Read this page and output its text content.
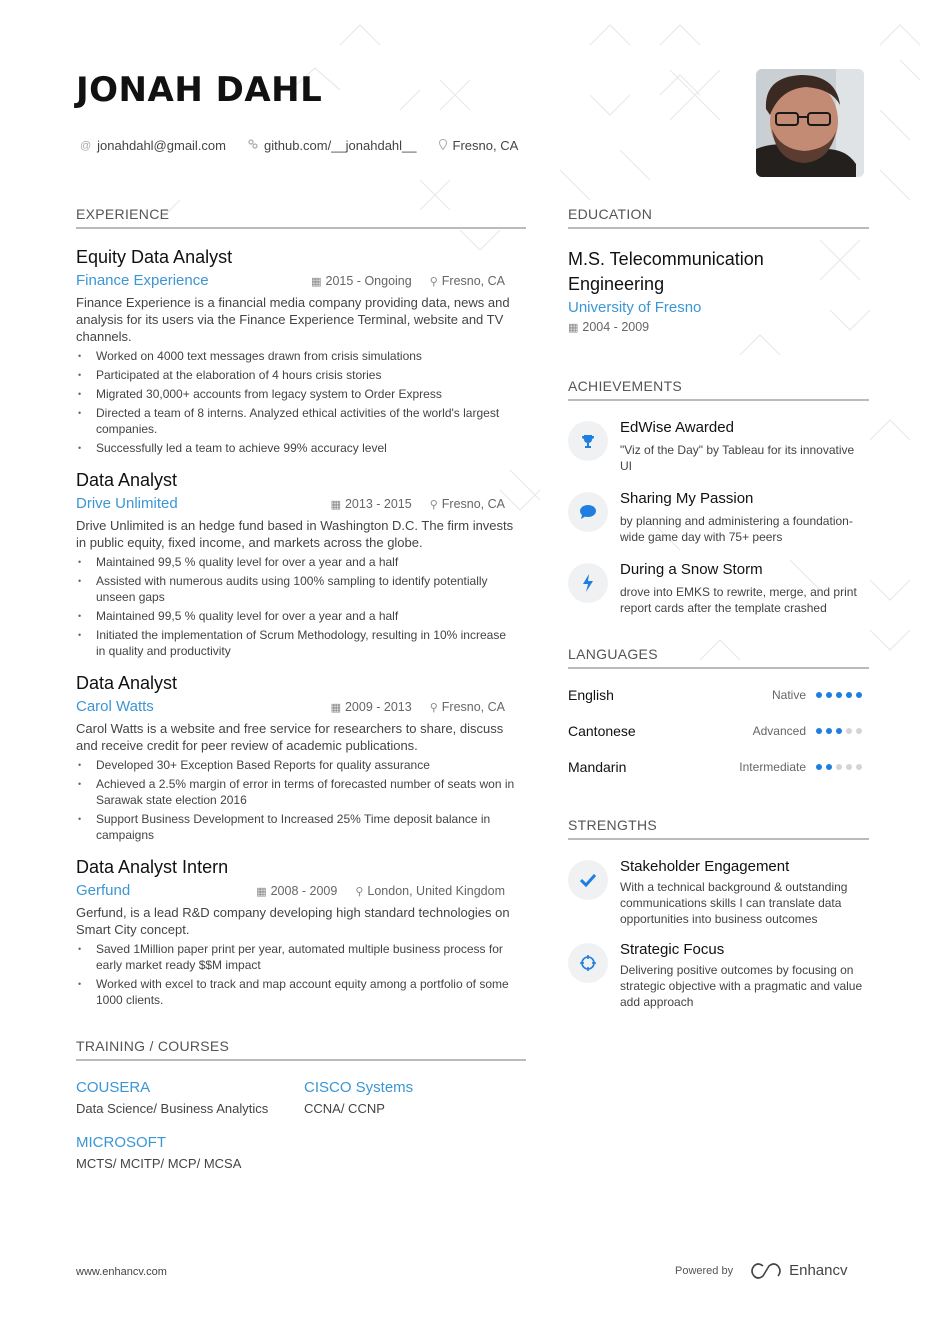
JONAH DAHL
@ jonahdahl@gmail.com	github.com/__jonahdahl__	Fresno, CA
EXPERIENCE
Equity Data Analyst
Finance Experience	▦ 2015 - Ongoing ⚲ Fresno, CA
Finance Experience is a financial media company providing data, news and analysis for its users via the Finance Experience Terminal, website and TV channels.
• Worked on 4000 text messages drawn from crisis simulations
• Participated at the elaboration of 4 hours crisis stories
• Migrated 30,000+ accounts from legacy system to Order Express
• Directed a team of 8 interns. Analyzed ethical activities of the world's largest companies.
• Successfully led a team to achieve 99% accuracy level
Data Analyst
Drive Unlimited	▦ 2013 - 2015 ⚲ Fresno, CA
Drive Unlimited is an hedge fund based in Washington D.C. The firm invests in public equity, fixed income, and markets across the globe.
• Maintained 99,5 % quality level for over a year and a half
• Assisted with numerous audits using 100% sampling to identify potentially unseen gaps
• Maintained 99,5 % quality level for over a year and a half
• Initiated the implementation of Scrum Methodology, resulting in 10% increase in quality and productivity
Data Analyst
Carol Watts	▦ 2009 - 2013 ⚲ Fresno, CA
Carol Watts is a website and free service for researchers to share, discuss and receive credit for peer review of academic publications.
• Developed 30+ Exception Based Reports for quality assurance
• Achieved a 2.5% margin of error in terms of forecasted number of seats won in Sarawak state election 2016
• Support Business Development to Increased 25% Time deposit balance in campaigns
Data Analyst Intern
Gerfund	▦ 2008 - 2009 ⚲ London, United Kingdom
Gerfund, is a lead R&D company developing high standard technologies on Smart City concept.
• Saved 1Million paper print per year, automated multiple business process for early market ready $$M impact
• Worked with excel to track and map account equity among a portfolio of some 1000 clients.
TRAINING / COURSES
COUSERA
Data Science/ Business Analytics
CISCO Systems
CCNA/ CCNP
MICROSOFT
MCTS/ MCITP/ MCP/ MCSA
EDUCATION
M.S. Telecommunication Engineering
University of Fresno
▦ 2004 - 2009
ACHIEVEMENTS
EdWise Awarded
"Viz of the Day" by Tableau for its innovative UI
Sharing My Passion
by planning and administering a foundation-wide game day with 75+ peers
During a Snow Storm
drove into EMKS to rewrite, merge, and print report cards after the template crashed
LANGUAGES
English	Native
Cantonese	Advanced
Mandarin	Intermediate
STRENGTHS
Stakeholder Engagement
With a technical background & outstanding communications skills I can translate data opportunities into business outcomes
Strategic Focus
Delivering positive outcomes by focusing on strategic objective with a pragmatic and value add approach
www.enhancv.com	Powered by	Enhancv
